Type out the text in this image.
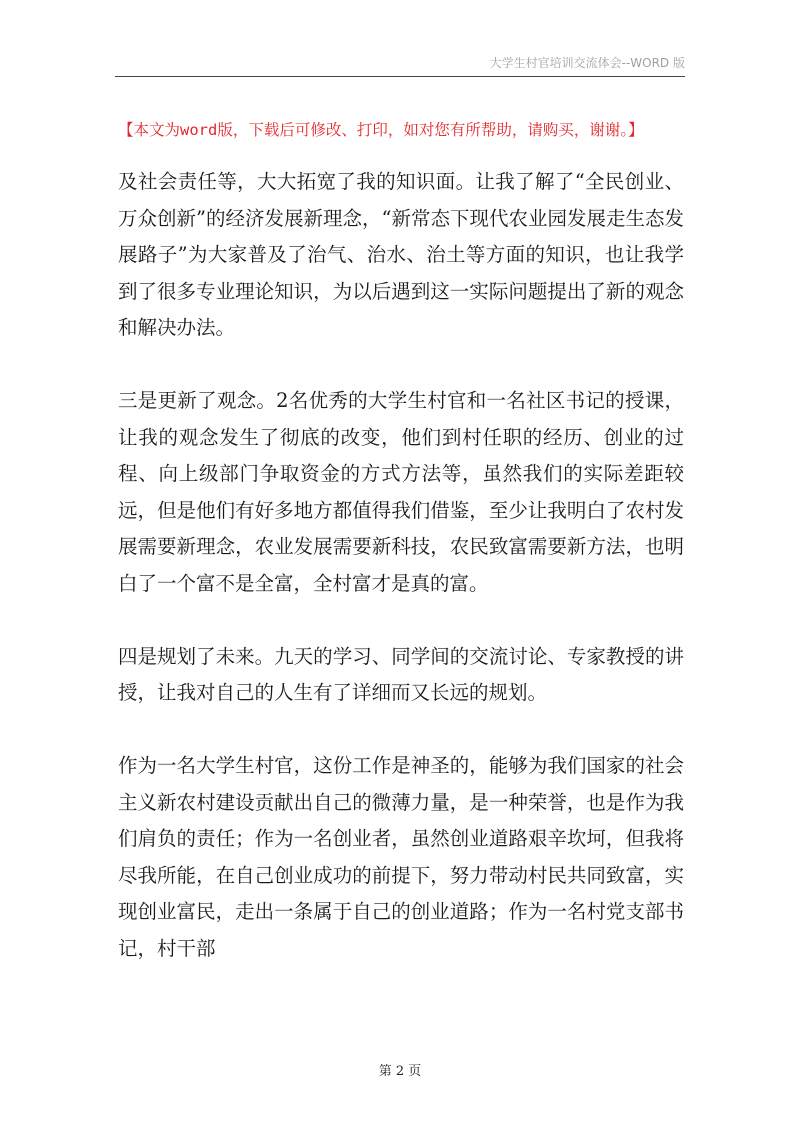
大学生村官培训交流体会--WORD 版
【本文为word版，下载后可修改、打印，如对您有所帮助，请购买，谢谢。】

及社会责任等，大大拓宽了我的知识面。让我了解了“全民创业、万众创新”的经济发展新理念，“新常态下现代农业园发展走生态发展路子”为大家普及了治气、治水、治土等方面的知识，也让我学到了很多专业理论知识，为以后遇到这一实际问题提出了新的观念和解决办法。

三是更新了观念。2名优秀的大学生村官和一名社区书记的授课，让我的观念发生了彻底的改变，他们到村任职的经历、创业的过程、向上级部门争取资金的方式方法等，虽然我们的实际差距较远，但是他们有好多地方都值得我们借鉴，至少让我明白了农村发展需要新理念，农业发展需要新科技，农民致富需要新方法，也明白了一个富不是全富，全村富才是真的富。

四是规划了未来。九天的学习、同学间的交流讨论、专家教授的讲授，让我对自己的人生有了详细而又长远的规划。

作为一名大学生村官，这份工作是神圣的，能够为我们国家的社会主义新农村建设贡献出自己的微薄力量，是一种荣誉，也是作为我们肩负的责任；作为一名创业者，虽然创业道路艰辛坎坷，但我将尽我所能，在自己创业成功的前提下，努力带动村民共同致富，实现创业富民，走出一条属于自己的创业道路；作为一名村党支部书记，村干部

第 2 页
